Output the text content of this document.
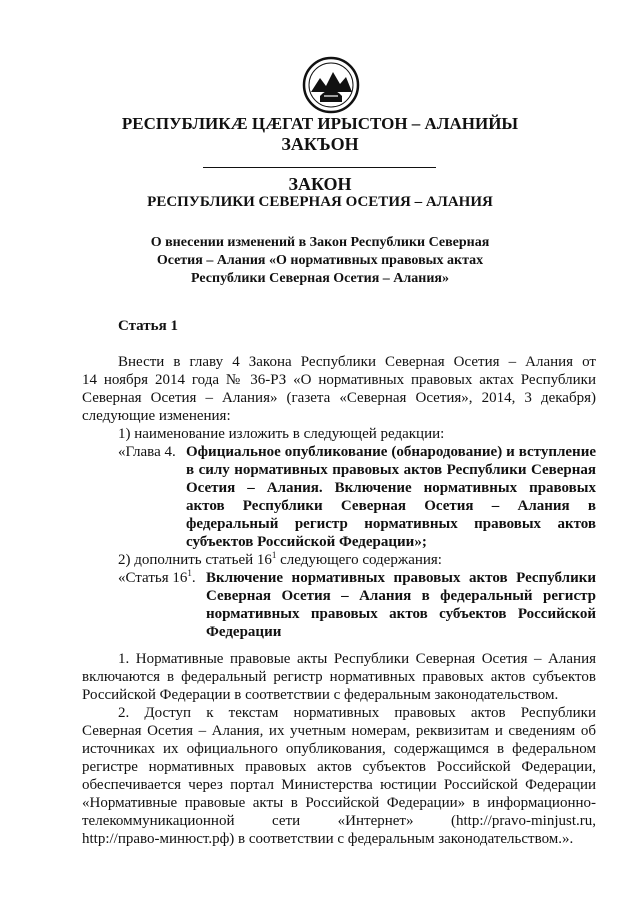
РЕСПУБЛИКӔ ЦӔГАТ ИРЫСТОН – АЛАНИЙЫ
ЗАКЪОН
ЗАКОН
РЕСПУБЛИКИ СЕВЕРНАЯ ОСЕТИЯ – АЛАНИЯ
О внесении изменений в Закон Республики Северная
Осетия – Алания «О нормативных правовых актах
Республики Северная Осетия – Алания»
Статья 1
Внести в главу 4 Закона Республики Северная Осетия – Алания от
14 ноября 2014 года № 36-РЗ «О нормативных правовых актах Республики
Северная Осетия – Алания» (газета «Северная Осетия», 2014, 3 декабря)
следующие изменения:
1) наименование изложить в следующей редакции:
«Глава 4. Официальное опубликование (обнародование) и вступление
в силу нормативных правовых актов Республики Северная
Осетия – Алания. Включение нормативных правовых
актов Республики Северная Осетия – Алания в
федеральный регистр нормативных правовых актов
субъектов Российской Федерации»;
2) дополнить статьей $16^1$ следующего содержания:
«Статья $16^1$. Включение нормативных правовых актов Республики
Северная Осетия – Алания в федеральный регистр
нормативных правовых актов субъектов Российской
Федерации
1. Нормативные правовые акты Республики Северная Осетия – Алания
включаются в федеральный регистр нормативных правовых актов субъектов
Российской Федерации в соответствии с федеральным законодательством.
2. Доступ к текстам нормативных правовых актов Республики
Северная Осетия – Алания, их учетным номерам, реквизитам и сведениям об
источниках их официального опубликования, содержащимся в федеральном
регистре нормативных правовых актов субъектов Российской Федерации,
обеспечивается через портал Министерства юстиции Российской Федерации
«Нормативные правовые акты в Российской Федерации» в информационно-
телекоммуникационной сети «Интернет» (http://pravo-minjust.ru,
http://право-минюст.рф) в соответствии с федеральным законодательством.».
